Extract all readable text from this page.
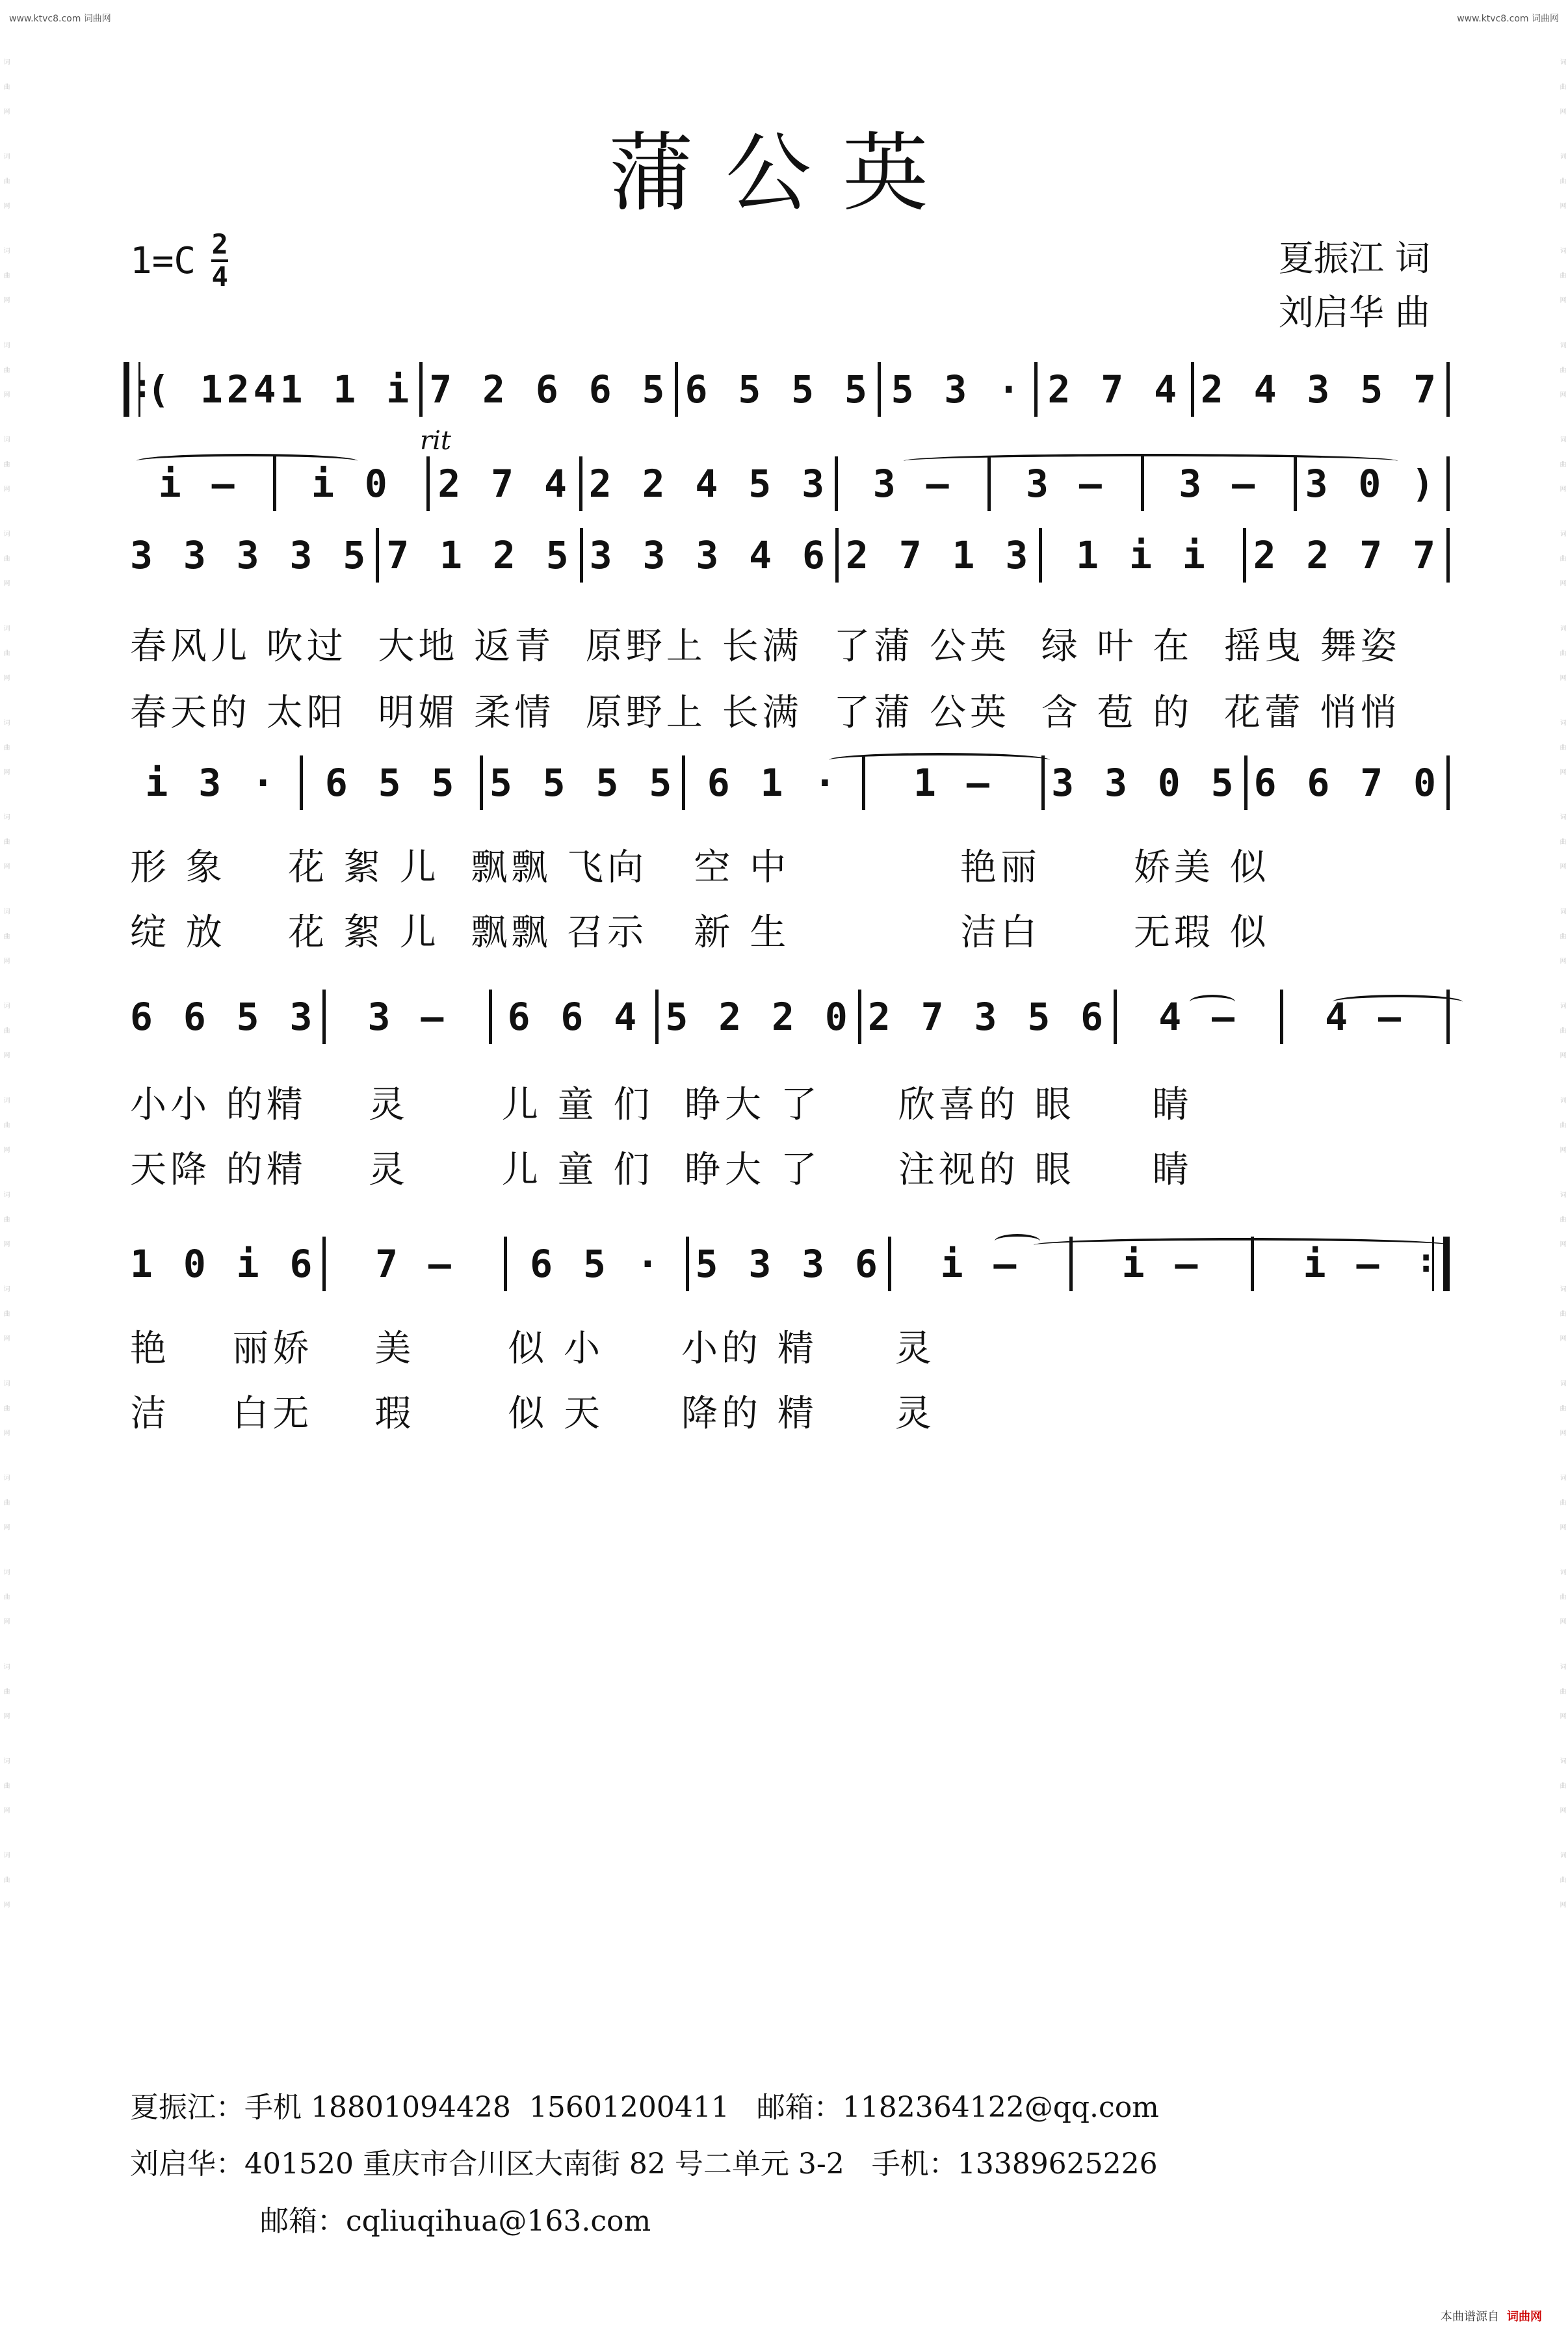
www.ktvc8.com 词曲网	www.ktvc8.com 词曲网
词曲网 词曲网 词曲网 词曲网 词曲网 词曲网 词曲网 词曲网 词曲网 词曲网 词曲网 词曲网 词曲网 词曲网 词曲网 词曲网 词曲网 词曲网 词曲网 词曲网	词曲网 词曲网 词曲网 词曲网 词曲网 词曲网 词曲网 词曲网 词曲网 词曲网 词曲网 词曲网 词曲网 词曲网 词曲网 词曲网 词曲网 词曲网 词曲网 词曲网
蒲公英
1=C 2
4	夏振江 词
刘启华 曲
:
( 1241 1 i 7 2 6 6 5 6 5 5 5 5 3 · 2 7 4 2 4 3 5 7
rit
i –	i 0	2 7 4 2 2 4 5 3	3 –	3 –	3 –	3 0 )
3 3 3 3 5 7 1 2 5 3 3 3 4 6 2 7 1 3	1 i i	2 2 7 7
春风儿 吹过  大地 返青  原野上 长满  了蒲 公英  绿 叶 在  摇曳 舞姿
春天的 太阳  明媚 柔情  原野上 长满  了蒲 公英  含 苞 的  花蕾 悄悄
i 3 ·	6 5 5 5 5 5 5 6 1 ·	1 –	3 3 0 5 6 6 7 0
形 象    花 絮 儿  飘飘 飞向   空 中           艳丽      娇美 似
绽 放    花 絮 儿  飘飘 召示   新 生           洁白      无瑕 似
6 6 5 3	3 –	6 6 4 5 2 2 0 2 7 3 5 6	4 –	4 –
小小 的精    灵      儿 童 们  睁大 了     欣喜的 眼     睛
天降 的精    灵      儿 童 们  睁大 了     注视的 眼     睛
1 0 i 6	7 –	6 5 · 5 3 3 6	i –	i –	i –
:
艳    丽娇    美      似 小     小的 精     灵
洁    白无    瑕      似 天     降的 精     灵
夏振江：手机 18801094428  15601200411   邮箱：1182364122@qq.com
刘启华：401520 重庆市合川区大南街 82 号二单元 3-2   手机：13389625226
邮箱：cqliuqihua@163.com
本曲谱源自 词曲网
